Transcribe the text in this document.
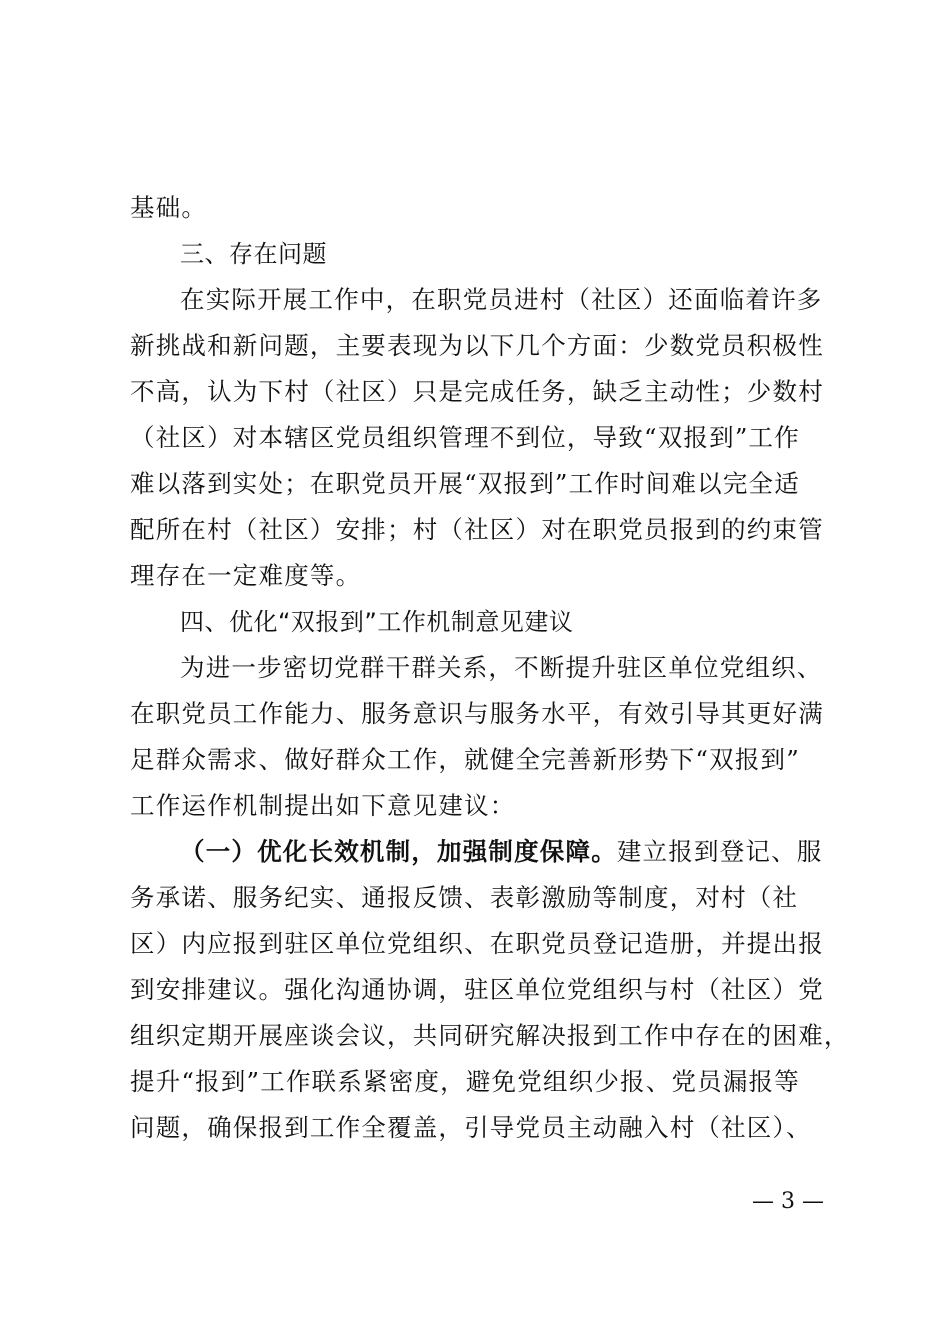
基础。
三、存在问题
在实际开展工作中，在职党员进村（社区）还面临着许多
新挑战和新问题，主要表现为以下几个方面：少数党员积极性
不高，认为下村（社区）只是完成任务，缺乏主动性；少数村
（社区）对本辖区党员组织管理不到位，导致“双报到”工作
难以落到实处；在职党员开展“双报到”工作时间难以完全适
配所在村（社区）安排；村（社区）对在职党员报到的约束管
理存在一定难度等。
四、优化“双报到”工作机制意见建议
为进一步密切党群干群关系，不断提升驻区单位党组织、
在职党员工作能力、服务意识与服务水平，有效引导其更好满
足群众需求、做好群众工作，就健全完善新形势下“双报到”
工作运作机制提出如下意见建议：
（一）优化长效机制，加强制度保障。建立报到登记、服
务承诺、服务纪实、通报反馈、表彰激励等制度，对村（社
区）内应报到驻区单位党组织、在职党员登记造册，并提出报
到安排建议。强化沟通协调，驻区单位党组织与村（社区）党
组织定期开展座谈会议，共同研究解决报到工作中存在的困难，
提升“报到”工作联系紧密度，避免党组织少报、党员漏报等
问题，确保报到工作全覆盖，引导党员主动融入村（社区）、
— 3 —
